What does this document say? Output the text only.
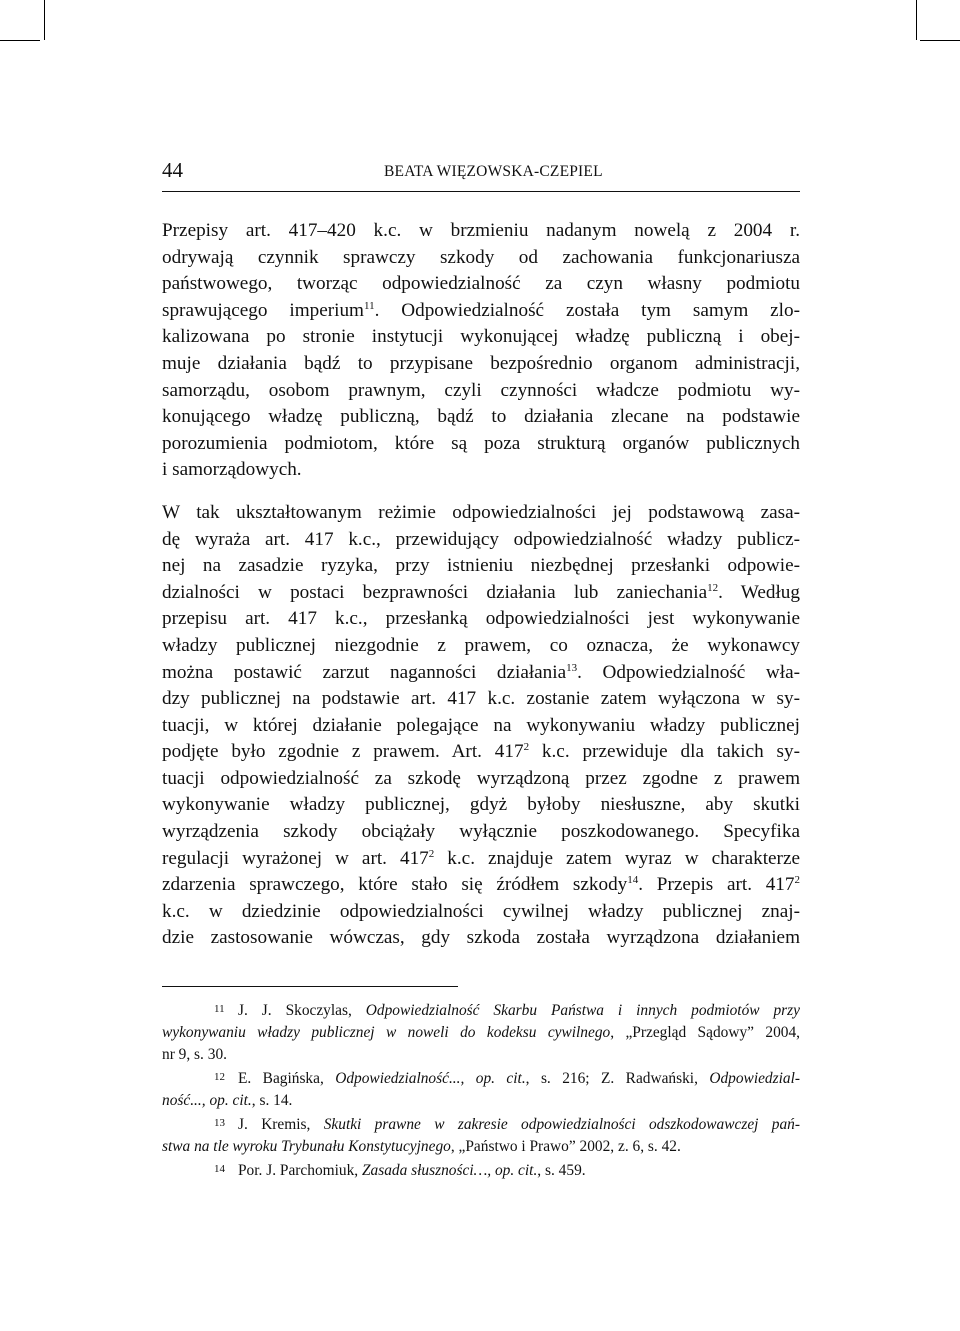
44	BEATA WIĘZOWSKA-CZEPIEL

Przepisy art. 417–420 k.c. w brzmieniu nadanym nowelą z 2004 r.
odrywają czynnik sprawczy szkody od zachowania funkcjonariusza
państwowego, tworząc odpowiedzialność za czyn własny podmiotu
sprawującego imperium$^{11}$. Odpowiedzialność została tym samym zlo-
kalizowana po stronie instytucji wykonującej władzę publiczną i obej-
muje działania bądź to przypisane bezpośrednio organom administracji,
samorządu, osobom prawnym, czyli czynności władcze podmiotu wy-
konującego władzę publiczną, bądź to działania zlecane na podstawie
porozumienia podmiotom, które są poza strukturą organów publicznych
i samorządowych.

W tak ukształtowanym reżimie odpowiedzialności jej podstawową zasa-
dę wyraża art. 417 k.c., przewidujący odpowiedzialność władzy publicz-
nej na zasadzie ryzyka, przy istnieniu niezbędnej przesłanki odpowie-
dzialności w postaci bezprawności działania lub zaniechania$^{12}$. Według
przepisu art. 417 k.c., przesłanką odpowiedzialności jest wykonywanie
władzy publicznej niezgodnie z prawem, co oznacza, że wykonawcy
można postawić zarzut naganności działania$^{13}$. Odpowiedzialność wła-
dzy publicznej na podstawie art. 417 k.c. zostanie zatem wyłączona w sy-
tuacji, w której działanie polegające na wykonywaniu władzy publicznej
podjęte było zgodnie z prawem. Art. $417^2$ k.c. przewiduje dla takich sy-
tuacji odpowiedzialność za szkodę wyrządzoną przez zgodne z prawem
wykonywanie władzy publicznej, gdyż byłoby niesłuszne, aby skutki
wyrządzenia szkody obciążały wyłącznie poszkodowanego. Specyfika
regulacji wyrażonej w art. $417^2$ k.c. znajduje zatem wyraz w charakterze
zdarzenia sprawczego, które stało się źródłem szkody$^{14}$. Przepis art. $417^2$
k.c. w dziedzinie odpowiedzialności cywilnej władzy publicznej znaj-
dzie zastosowanie wówczas, gdy szkoda została wyrządzona działaniem

11 J. J. Skoczylas, Odpowiedzialność Skarbu Państwa i innych podmiotów przy
wykonywaniu władzy publicznej w noweli do kodeksu cywilnego, „Przegląd Sądowy” 2004,
nr 9, s. 30.
12 E. Bagińska, Odpowiedzialność..., op. cit., s. 216; Z. Radwański, Odpowiedzial-
ność..., op. cit., s. 14.
13 J. Kremis, Skutki prawne w zakresie odpowiedzialności odszkodowawczej pań-
stwa na tle wyroku Trybunału Konstytucyjnego, „Państwo i Prawo” 2002, z. 6, s. 42.
14 Por. J. Parchomiuk, Zasada słuszności…, op. cit., s. 459.
